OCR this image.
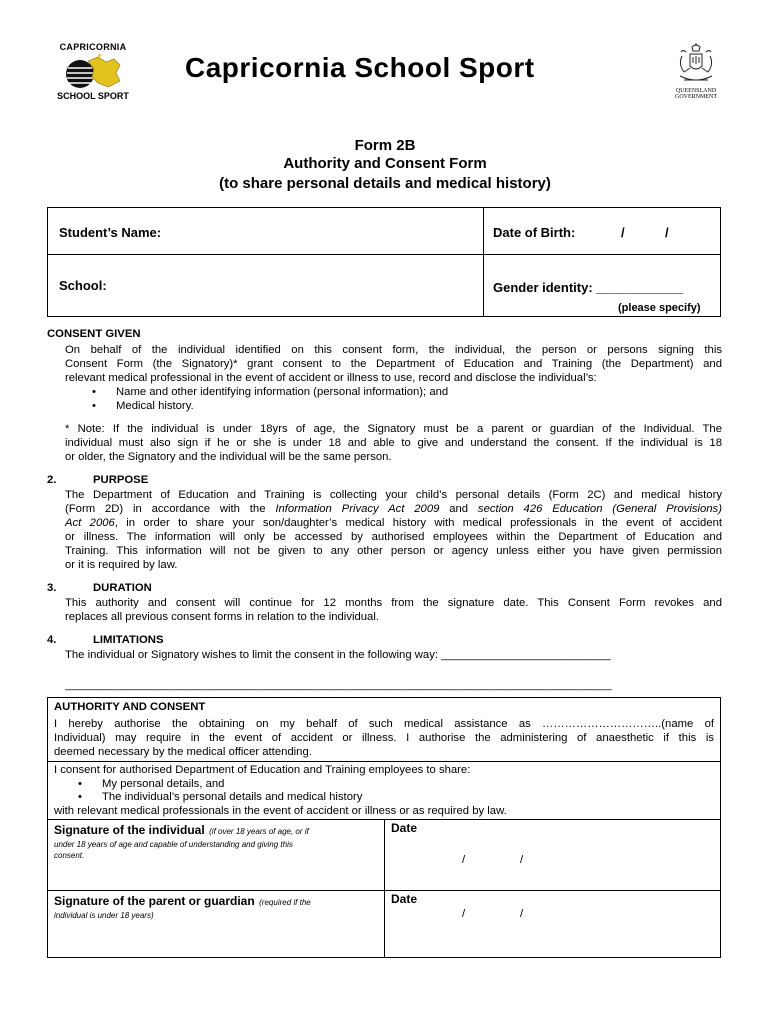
CAPRICORNIA
SCHOOL SPORT
Capricornia School Sport
QUEENSLAND
GOVERNMENT
Form 2B
Authority and Consent Form
(to share personal details and medical history)
Student’s Name:	Date of Birth:	/	/
School:	Gender identity: ____________
(please specify)
CONSENT GIVEN
On behalf of the individual identified on this consent form, the individual, the person or persons signing this
Consent Form (the Signatory)* grant consent to the Department of Education and Training (the Department) and
relevant medical professional in the event of accident or illness to use, record and disclose the individual’s:
Name and other identifying information (personal information); and
Medical history.
* Note: If the individual is under 18yrs of age, the Signatory must be a parent or guardian of the Individual. The
individual must also sign if he or she is under 18 and able to give and understand the consent. If the individual is 18
or older, the Signatory and the individual will be the same person.
2.	PURPOSE
The Department of Education and Training is collecting your child’s personal details (Form 2C) and medical history
(Form 2D) in accordance with the Information Privacy Act 2009 and section 426 Education (General Provisions)
Act 2006, in order to share your son/daughter’s medical history with medical professionals in the event of accident
or illness. The information will only be accessed by authorised employees within the Department of Education and
Training. This information will not be given to any other person or agency unless either you have given permission
or it is required by law.
3.	DURATION
This authority and consent will continue for 12 months from the signature date. This Consent Form revokes and
replaces all previous consent forms in relation to the individual.
4.	LIMITATIONS
The individual or Signatory wishes to limit the consent in the following way: ___________________________
_______________________________________________________________________________________
AUTHORITY AND CONSENT
I hereby authorise the obtaining on my behalf of such medical assistance as …………………………..(name of
Individual) may require in the event of accident or illness. I authorise the administering of anaesthetic if this is
deemed necessary by the medical officer attending.
I consent for authorised Department of Education and Training employees to share:
My personal details, and
The individual’s personal details and medical history
with relevant medical professionals in the event of accident or illness or as required by law.
Signature of the individual (if over 18 years of age, or if
under 18 years of age and capable of understanding and giving this
consent.
Date
/	/
Signature of the parent or guardian (required if the
individual is under 18 years)
Date
/	/
